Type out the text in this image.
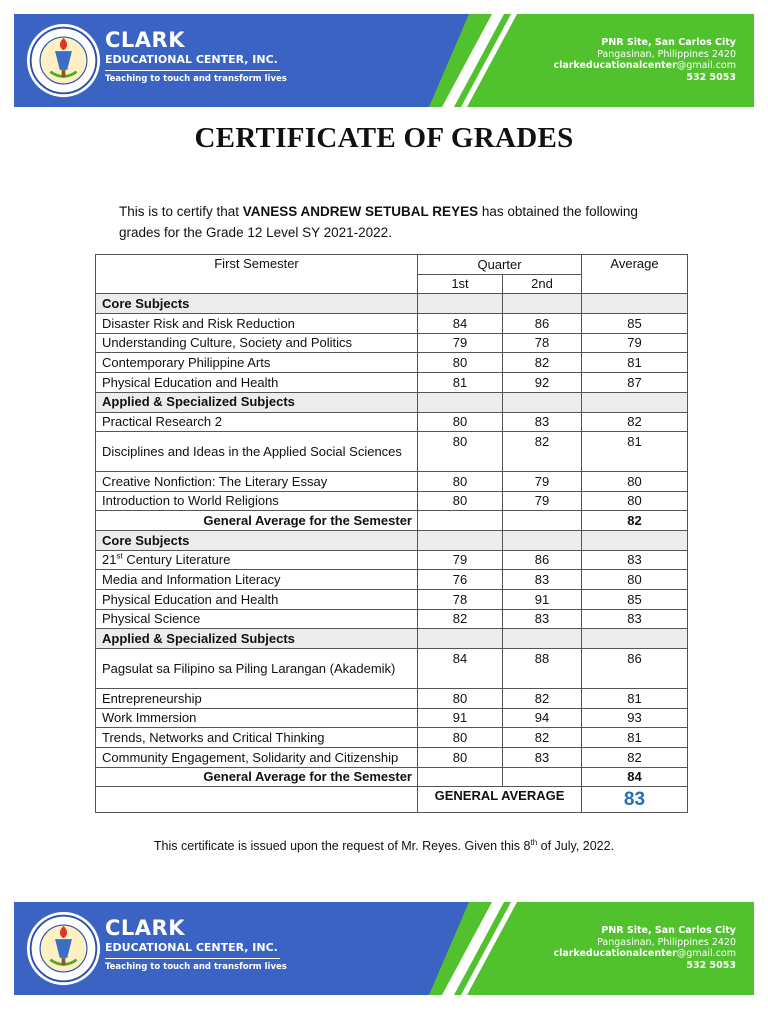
CLARK
EDUCATIONAL CENTER, INC.
Teaching to touch and transform lives
PNR Site, San Carlos City
Pangasinan, Philippines 2420
clarkeducationalcenter@gmail.com
532 5053
CERTIFICATE OF GRADES
This is to certify that VANESS ANDREW SETUBAL REYES has obtained the following grades for the Grade 12 Level SY 2021-2022.
First Semester	Quarter		Average
	1st	2nd	
Core Subjects			
Disaster Risk and Risk Reduction	84	86	85
Understanding Culture, Society and Politics	79	78	79
Contemporary Philippine Arts	80	82	81
Physical Education and Health	81	92	87
Applied & Specialized Subjects			
Practical Research 2	80	83	82
Disciplines and Ideas in the Applied Social Sciences	80	82	81
Creative Nonfiction: The Literary Essay	80	79	80
Introduction to World Religions	80	79	80
General Average for the Semester			82
Core Subjects			
21st Century Literature	79	86	83
Media and Information Literacy	76	83	80
Physical Education and Health	78	91	85
Physical Science	82	83	83
Applied & Specialized Subjects			
Pagsulat sa Filipino sa Piling Larangan (Akademik)	84	88	86
Entrepreneurship	80	82	81
Work Immersion	91	94	93
Trends, Networks and Critical Thinking	80	82	81
Community Engagement, Solidarity and Citizenship	80	83	82
General Average for the Semester			84
	GENERAL AVERAGE		83
This certificate is issued upon the request of Mr. Reyes. Given this 8th of July, 2022.
CLARK
EDUCATIONAL CENTER, INC.
Teaching to touch and transform lives
PNR Site, San Carlos City
Pangasinan, Philippines 2420
clarkeducationalcenter@gmail.com
532 5053
